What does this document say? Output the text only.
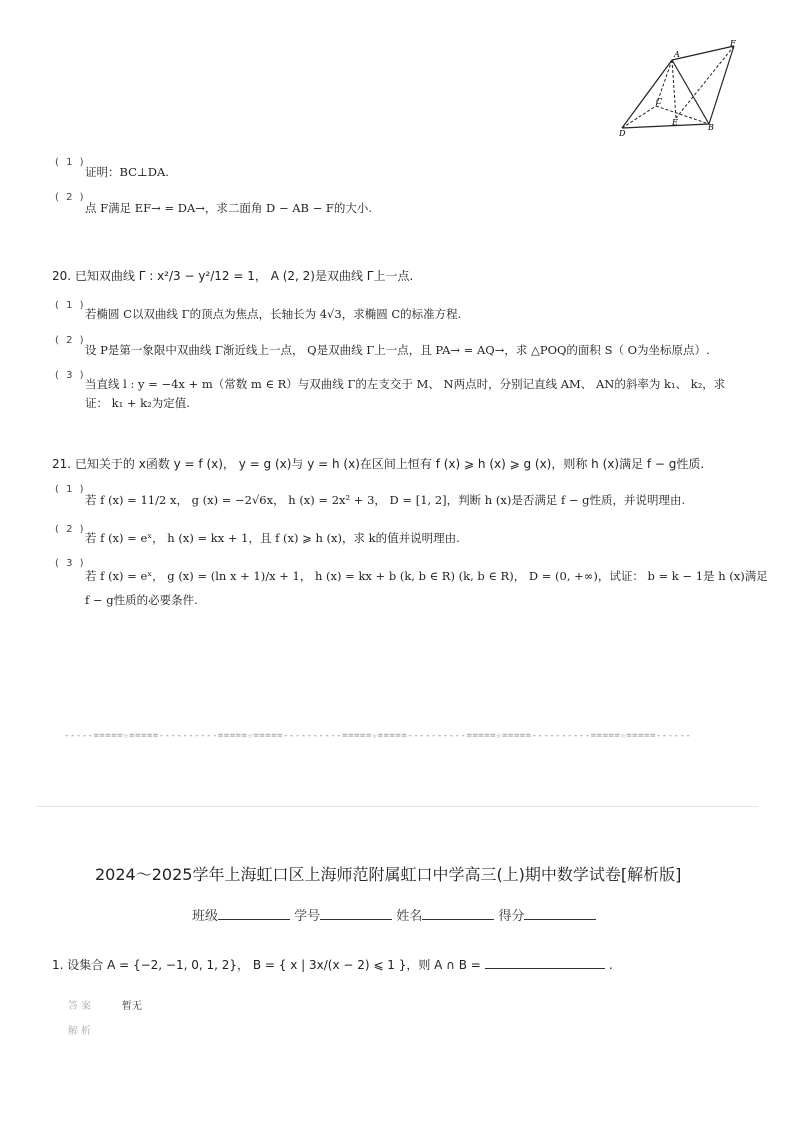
A
F
C
E
D
B
( 1 )
证明：BC⊥DA.
( 2 )
点 F满足 EF→ = DA→，求二面角 D − AB − F的大小.
20. 已知双曲线 Γ : x²/3 − y²/12 = 1， A (2, 2)是双曲线 Γ上一点.
( 1 )
若椭圆 C以双曲线 Γ的顶点为焦点，长轴长为 4√3，求椭圆 C的标准方程.
( 2 )
设 P是第一象限中双曲线 Γ渐近线上一点， Q是双曲线 Γ上一点，且 PA→ = AQ→，求 △POQ的面积 S（ O为坐标原点）.
( 3 )
当直线 l : y = −4x + m（常数 m ∈ R）与双曲线 Γ的左支交于 M、 N两点时，分别记直线 AM、 AN的斜率为 k₁、 k₂，求
证： k₁ + k₂为定值.
21. 已知关于的 x函数 y = f (x)， y = g (x)与 y = h (x)在区间上恒有 f (x) ⩾ h (x) ⩾ g (x)，则称 h (x)满足 f − g性质.
( 1 )
若 f (x) = 11/2 x， g (x) = −2√6x， h (x) = 2x² + 3， D = [1, 2]，判断 h (x)是否满足 f − g性质，并说明理由.
( 2 )
若 f (x) = eˣ， h (x) = kx + 1，且 f (x) ⩾ h (x)，求 k的值并说明理由.
( 3 )
若 f (x) = eˣ， g (x) = (ln x + 1)/x + 1， h (x) = kx + b (k, b ∈ R) (k, b ∈ R)， D = (0, +∞)，试证： b = k − 1是 h (x)满足
f − g性质的必要条件.
-----=====☆=====----------=====☆=====----------=====☆=====----------=====☆=====----------=====☆=====------
2024～2025学年上海虹口区上海师范附属虹口中学高三(上)期中数学试卷[解析版]
班级	学号	姓名	得分
1. 设集合 A = {−2, −1, 0, 1, 2}， B = { x | 3x/(x − 2) ⩽ 1 }，则 A ∩ B =	.
答案	暂无
解析
